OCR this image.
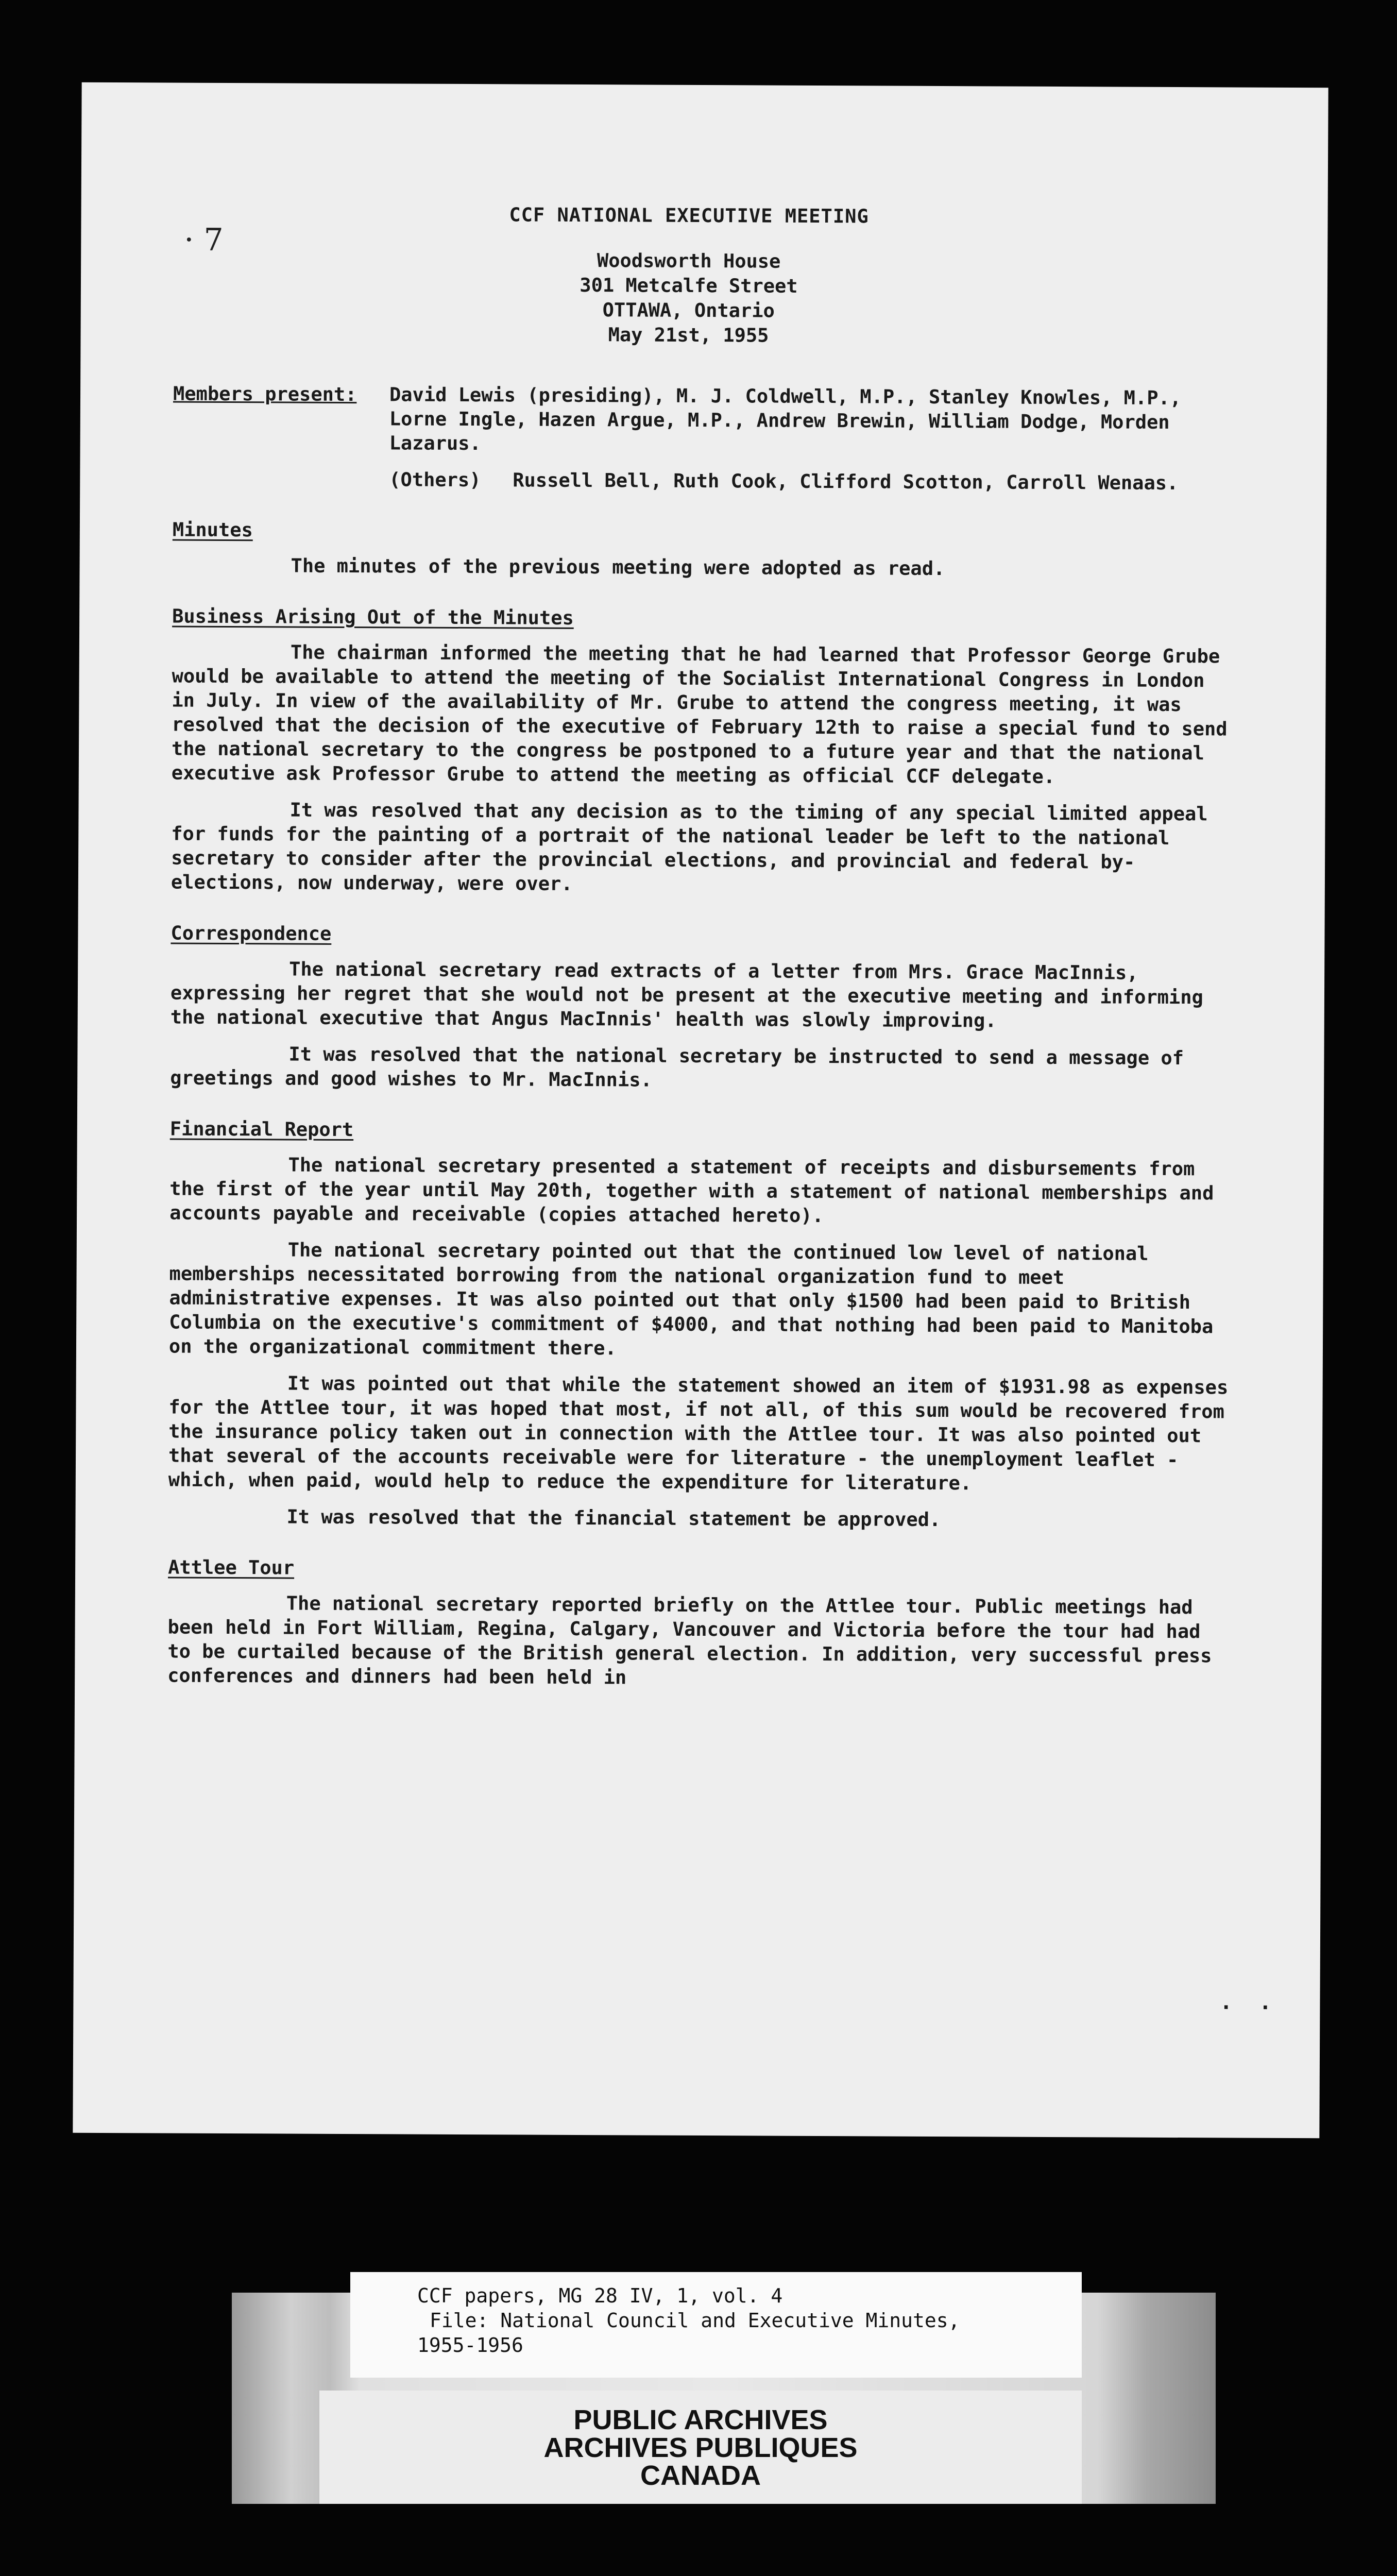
· 7
CCF NATIONAL EXECUTIVE MEETING
Woodsworth House
301 Metcalfe Street
OTTAWA, Ontario
May 21st, 1955
Members present:	David Lewis (presiding), M. J. Coldwell, M.P., Stanley Knowles, M.P., Lorne Ingle, Hazen Argue, M.P., Andrew Brewin, William Dodge, Morden Lazarus.
(Others)	Russell Bell, Ruth Cook, Clifford Scotton, Carroll Wenaas.
Minutes

The minutes of the previous meeting were adopted as read.

Business Arising Out of the Minutes

The chairman informed the meeting that he had learned that Professor George Grube would be available to attend the meeting of the Socialist International Congress in London in July. In view of the availability of Mr. Grube to attend the congress meeting, it was resolved that the decision of the executive of February 12th to raise a special fund to send the national secretary to the congress be postponed to a future year and that the national executive ask Professor Grube to attend the meeting as official CCF delegate.

It was resolved that any decision as to the timing of any special limited appeal for funds for the painting of a portrait of the national leader be left to the national secretary to consider after the provincial elections, and provincial and federal by-elections, now underway, were over.

Correspondence

The national secretary read extracts of a letter from Mrs. Grace MacInnis, expressing her regret that she would not be present at the executive meeting and informing the national executive that Angus MacInnis' health was slowly improving.

It was resolved that the national secretary be instructed to send a message of greetings and good wishes to Mr. MacInnis.

Financial Report

The national secretary presented a statement of receipts and disbursements from the first of the year until May 20th, together with a statement of national memberships and accounts payable and receivable (copies attached hereto).

The national secretary pointed out that the continued low level of national memberships necessitated borrowing from the national organization fund to meet administrative expenses. It was also pointed out that only $1500 had been paid to British Columbia on the executive's commitment of $4000, and that nothing had been paid to Manitoba on the organizational commitment there.

It was pointed out that while the statement showed an item of $1931.98 as expenses for the Attlee tour, it was hoped that most, if not all, of this sum would be recovered from the insurance policy taken out in connection with the Attlee tour. It was also pointed out that several of the accounts receivable were for literature - the unemployment leaflet - which, when paid, would help to reduce the expenditure for literature.

It was resolved that the financial statement be approved.

Attlee Tour

The national secretary reported briefly on the Attlee tour. Public meetings had been held in Fort William, Regina, Calgary, Vancouver and Victoria before the tour had had to be curtailed because of the British general election. In addition, very successful press conferences and dinners had been held in

. .
CCF papers, MG 28 IV, 1, vol. 4
File: National Council and Executive Minutes,
1955-1956
PUBLIC ARCHIVES
ARCHIVES PUBLIQUES
CANADA
